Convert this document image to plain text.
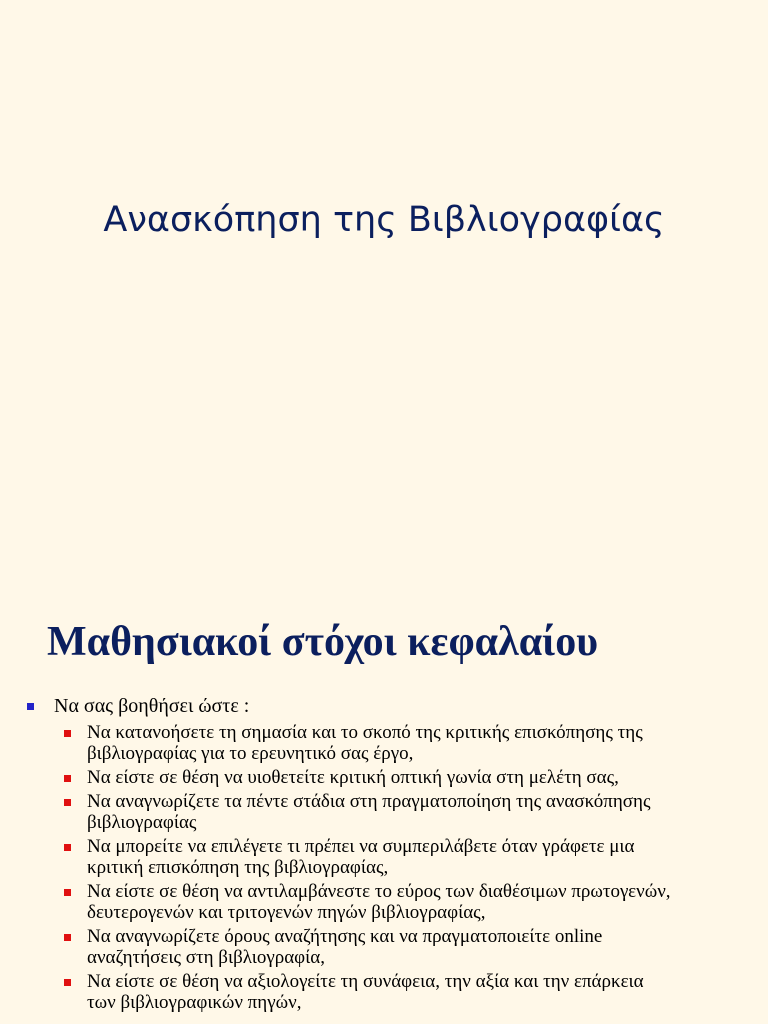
Ανασκόπηση της Βιβλιογραφίας
Μαθησιακοί στόχοι κεφαλαίου
Να σας βοηθήσει ώστε :
Να κατανοήσετε τη σημασία και το σκοπό της κριτικής επισκόπησης της
βιβλιογραφίας για το ερευνητικό σας έργο,
Να είστε σε θέση να υιοθετείτε κριτική οπτική γωνία στη μελέτη σας,
Να αναγνωρίζετε τα πέντε στάδια στη πραγματοποίηση της ανασκόπησης
βιβλιογραφίας
Να μπορείτε να επιλέγετε τι πρέπει να συμπεριλάβετε όταν γράφετε μια
κριτική επισκόπηση της βιβλιογραφίας,
Να είστε σε θέση να αντιλαμβάνεστε το εύρος των διαθέσιμων πρωτογενών,
δευτερογενών και τριτογενών πηγών βιβλιογραφίας,
Να αναγνωρίζετε όρους αναζήτησης και να πραγματοποιείτε online
αναζητήσεις στη βιβλιογραφία,
Να είστε σε θέση να αξιολογείτε τη συνάφεια, την αξία και την επάρκεια
των βιβλιογραφικών πηγών,
